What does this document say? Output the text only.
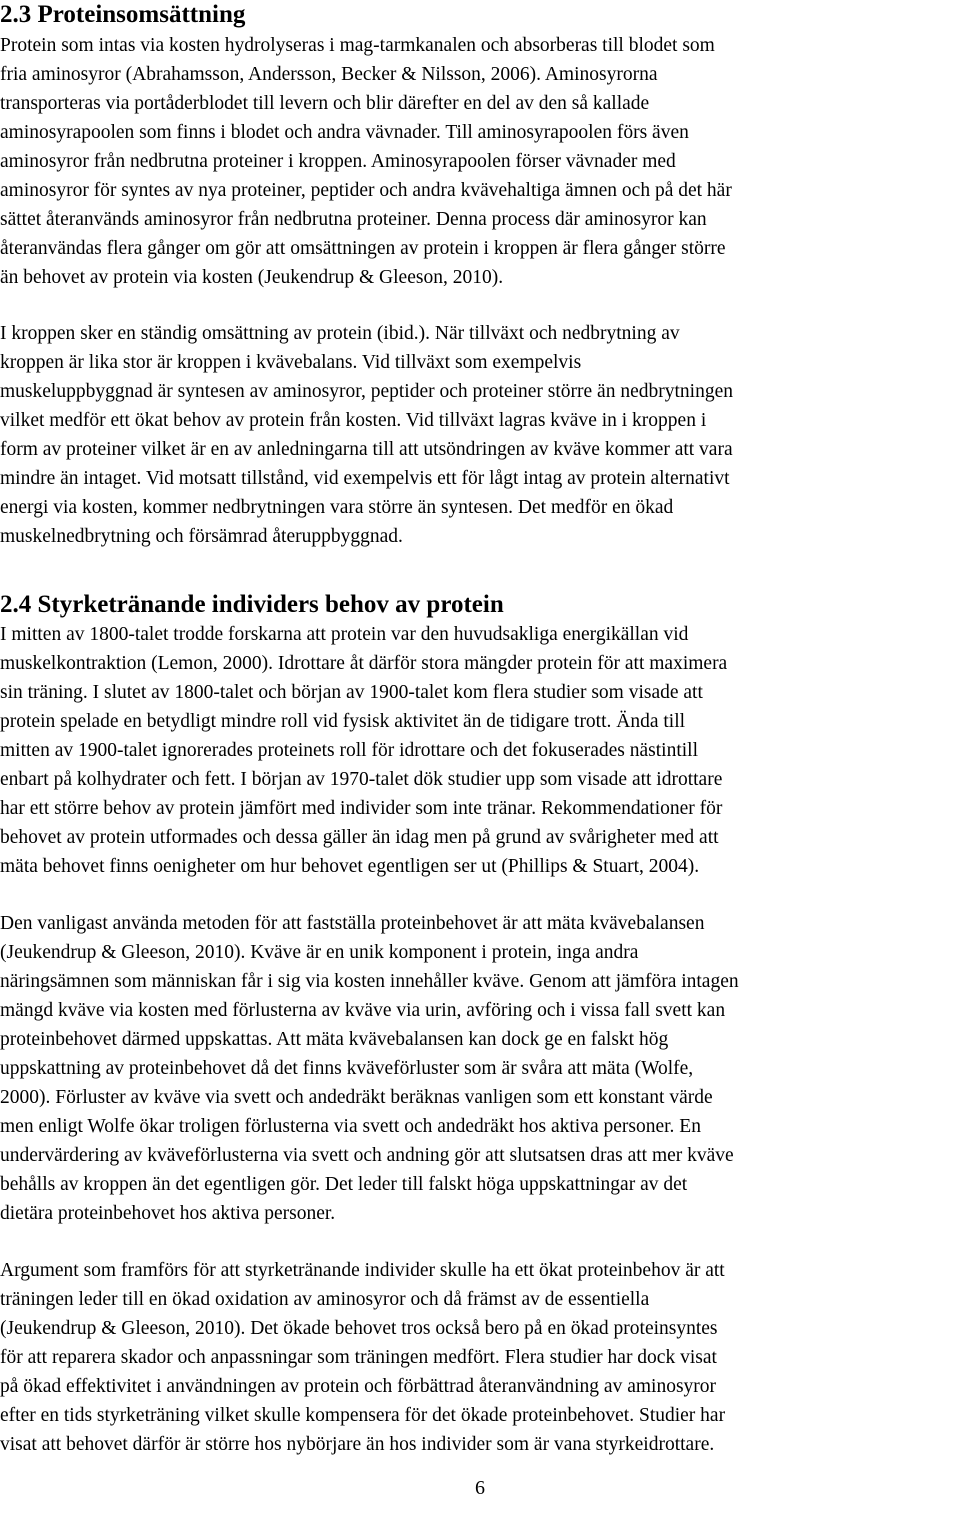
2.3 Proteinsomsättning
Protein som intas via kosten hydrolyseras i mag-tarmkanalen och absorberas till blodet som
fria aminosyror (Abrahamsson, Andersson, Becker & Nilsson, 2006). Aminosyrorna
transporteras via portåderblodet till levern och blir därefter en del av den så kallade
aminosyrapoolen som finns i blodet och andra vävnader. Till aminosyrapoolen förs även
aminosyror från nedbrutna proteiner i kroppen. Aminosyrapoolen förser vävnader med
aminosyror för syntes av nya proteiner, peptider och andra kvävehaltiga ämnen och på det här
sättet återanvänds aminosyror från nedbrutna proteiner. Denna process där aminosyror kan
återanvändas flera gånger om gör att omsättningen av protein i kroppen är flera gånger större
än behovet av protein via kosten (Jeukendrup & Gleeson, 2010).
I kroppen sker en ständig omsättning av protein (ibid.). När tillväxt och nedbrytning av
kroppen är lika stor är kroppen i kvävebalans. Vid tillväxt som exempelvis
muskeluppbyggnad är syntesen av aminosyror, peptider och proteiner större än nedbrytningen
vilket medför ett ökat behov av protein från kosten. Vid tillväxt lagras kväve in i kroppen i
form av proteiner vilket är en av anledningarna till att utsöndringen av kväve kommer att vara
mindre än intaget. Vid motsatt tillstånd, vid exempelvis ett för lågt intag av protein alternativt
energi via kosten, kommer nedbrytningen vara större än syntesen. Det medför en ökad
muskelnedbrytning och försämrad återuppbyggnad.
2.4 Styrketränande individers behov av protein
I mitten av 1800-talet trodde forskarna att protein var den huvudsakliga energikällan vid
muskelkontraktion (Lemon, 2000). Idrottare åt därför stora mängder protein för att maximera
sin träning. I slutet av 1800-talet och början av 1900-talet kom flera studier som visade att
protein spelade en betydligt mindre roll vid fysisk aktivitet än de tidigare trott. Ända till
mitten av 1900-talet ignorerades proteinets roll för idrottare och det fokuserades nästintill
enbart på kolhydrater och fett. I början av 1970-talet dök studier upp som visade att idrottare
har ett större behov av protein jämfört med individer som inte tränar. Rekommendationer för
behovet av protein utformades och dessa gäller än idag men på grund av svårigheter med att
mäta behovet finns oenigheter om hur behovet egentligen ser ut (Phillips & Stuart, 2004).
Den vanligast använda metoden för att fastställa proteinbehovet är att mäta kvävebalansen
(Jeukendrup & Gleeson, 2010). Kväve är en unik komponent i protein, inga andra
näringsämnen som människan får i sig via kosten innehåller kväve. Genom att jämföra intagen
mängd kväve via kosten med förlusterna av kväve via urin, avföring och i vissa fall svett kan
proteinbehovet därmed uppskattas. Att mäta kvävebalansen kan dock ge en falskt hög
uppskattning av proteinbehovet då det finns kväveförluster som är svåra att mäta (Wolfe,
2000). Förluster av kväve via svett och andedräkt beräknas vanligen som ett konstant värde
men enligt Wolfe ökar troligen förlusterna via svett och andedräkt hos aktiva personer. En
undervärdering av kväveförlusterna via svett och andning gör att slutsatsen dras att mer kväve
behålls av kroppen än det egentligen gör. Det leder till falskt höga uppskattningar av det
dietära proteinbehovet hos aktiva personer.
Argument som framförs för att styrketränande individer skulle ha ett ökat proteinbehov är att
träningen leder till en ökad oxidation av aminosyror och då främst av de essentiella
(Jeukendrup & Gleeson, 2010). Det ökade behovet tros också bero på en ökad proteinsyntes
för att reparera skador och anpassningar som träningen medfört. Flera studier har dock visat
på ökad effektivitet i användningen av protein och förbättrad återanvändning av aminosyror
efter en tids styrketräning vilket skulle kompensera för det ökade proteinbehovet. Studier har
visat att behovet därför är större hos nybörjare än hos individer som är vana styrkeidrottare.
6
